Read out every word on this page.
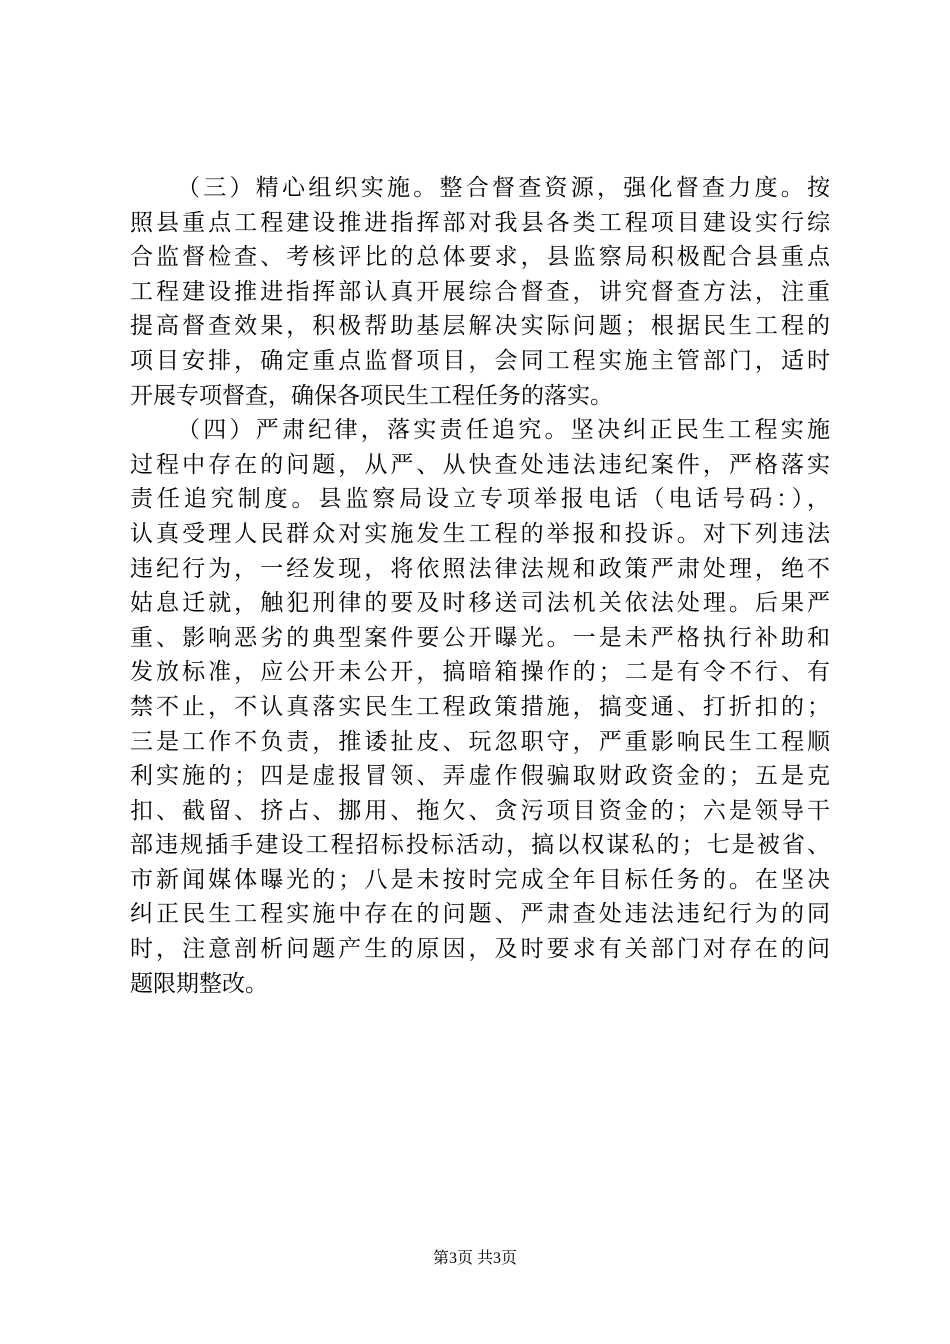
（三）精心组织实施。整合督查资源，强化督查力度。按
照县重点工程建设推进指挥部对我县各类工程项目建设实行综
合监督检查、考核评比的总体要求，县监察局积极配合县重点
工程建设推进指挥部认真开展综合督查，讲究督查方法，注重
提高督查效果，积极帮助基层解决实际问题；根据民生工程的
项目安排，确定重点监督项目，会同工程实施主管部门，适时
开展专项督查，确保各项民生工程任务的落实。
（四）严肃纪律，落实责任追究。坚决纠正民生工程实施
过程中存在的问题，从严、从快查处违法违纪案件，严格落实
责任追究制度。县监察局设立专项举报电话（电话号码：），
认真受理人民群众对实施发生工程的举报和投诉。对下列违法
违纪行为，一经发现，将依照法律法规和政策严肃处理，绝不
姑息迁就，触犯刑律的要及时移送司法机关依法处理。后果严
重、影响恶劣的典型案件要公开曝光。一是未严格执行补助和
发放标准，应公开未公开，搞暗箱操作的；二是有令不行、有
禁不止，不认真落实民生工程政策措施，搞变通、打折扣的；
三是工作不负责，推诿扯皮、玩忽职守，严重影响民生工程顺
利实施的；四是虚报冒领、弄虚作假骗取财政资金的；五是克
扣、截留、挤占、挪用、拖欠、贪污项目资金的；六是领导干
部违规插手建设工程招标投标活动，搞以权谋私的；七是被省、
市新闻媒体曝光的；八是未按时完成全年目标任务的。在坚决
纠正民生工程实施中存在的问题、严肃查处违法违纪行为的同
时，注意剖析问题产生的原因，及时要求有关部门对存在的问
题限期整改。
第3页 共3页
